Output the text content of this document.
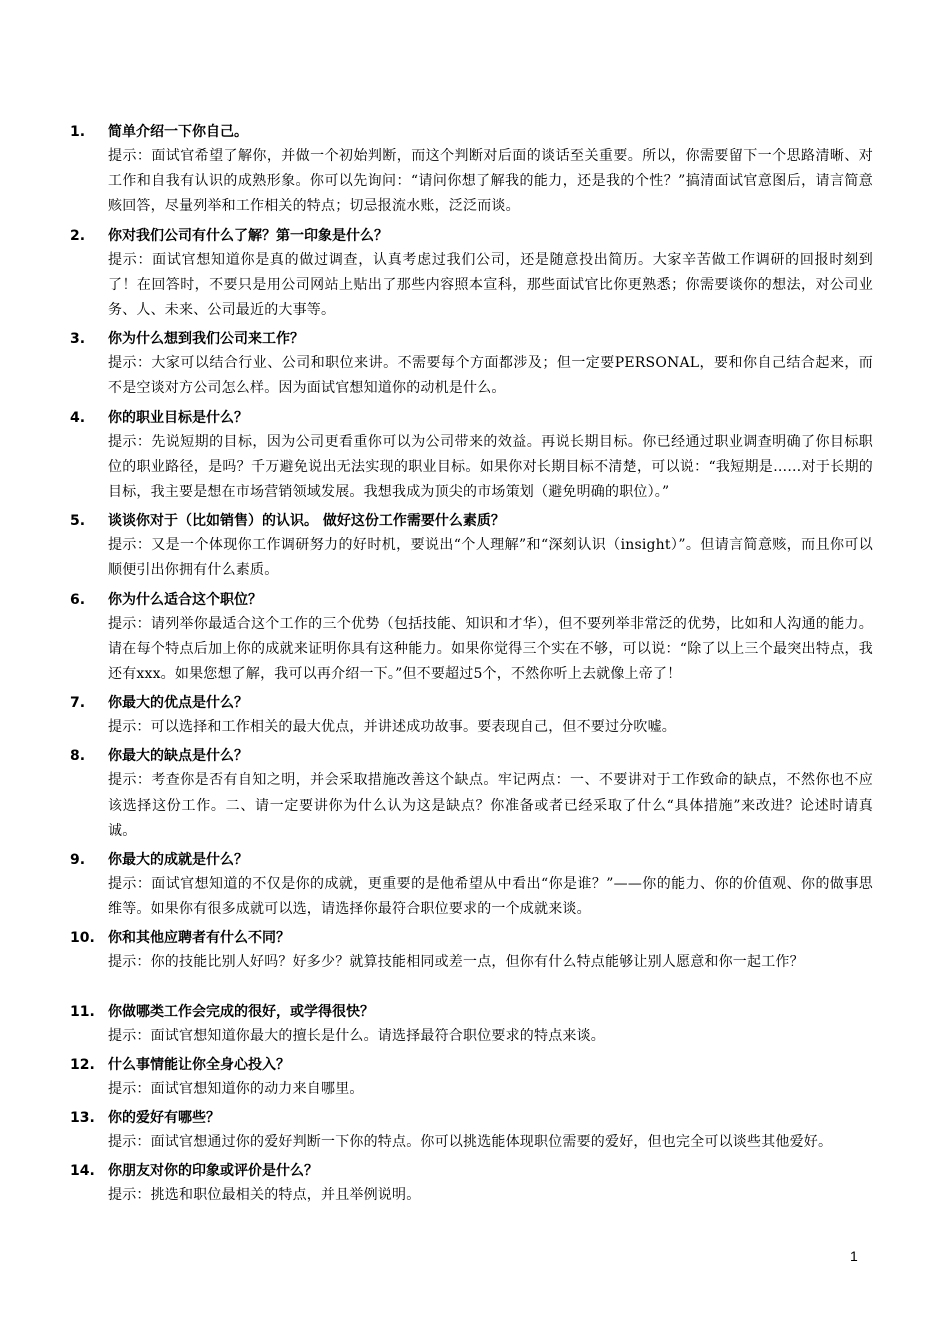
1. 简单介绍一下你自己。
提示：面试官希望了解你，并做一个初始判断，而这个判断对后面的谈话至关重要。所以，你需要留下一个思路清晰、对工作和自我有认识的成熟形象。你可以先询问：“请问你想了解我的能力，还是我的个性？”搞清面试官意图后，请言简意赅回答，尽量列举和工作相关的特点；切忌报流水账，泛泛而谈。
2. 你对我们公司有什么了解？第一印象是什么？
提示：面试官想知道你是真的做过调查，认真考虑过我们公司，还是随意投出简历。大家辛苦做工作调研的回报时刻到了！在回答时，不要只是用公司网站上贴出了那些内容照本宣科，那些面试官比你更熟悉；你需要谈你的想法，对公司业务、人、未来、公司最近的大事等。
3. 你为什么想到我们公司来工作？
提示：大家可以结合行业、公司和职位来讲。不需要每个方面都涉及；但一定要PERSONAL，要和你自己结合起来，而不是空谈对方公司怎么样。因为面试官想知道你的动机是什么。
4. 你的职业目标是什么？
提示：先说短期的目标，因为公司更看重你可以为公司带来的效益。再说长期目标。你已经通过职业调查明确了你目标职位的职业路径，是吗？千万避免说出无法实现的职业目标。如果你对长期目标不清楚，可以说：“我短期是……对于长期的目标，我主要是想在市场营销领域发展。我想我成为顶尖的市场策划（避免明确的职位）。”
5. 谈谈你对于（比如销售）的认识。 做好这份工作需要什么素质？
提示：又是一个体现你工作调研努力的好时机，要说出“个人理解”和“深刻认识（insight）”。但请言简意赅，而且你可以顺便引出你拥有什么素质。
6. 你为什么适合这个职位？
提示：请列举你最适合这个工作的三个优势（包括技能、知识和才华），但不要列举非常泛的优势，比如和人沟通的能力。请在每个特点后加上你的成就来证明你具有这种能力。如果你觉得三个实在不够，可以说：“除了以上三个最突出特点，我还有xxx。如果您想了解，我可以再介绍一下。”但不要超过5个，不然你听上去就像上帝了！
7. 你最大的优点是什么？
提示：可以选择和工作相关的最大优点，并讲述成功故事。要表现自己，但不要过分吹嘘。
8. 你最大的缺点是什么？
提示：考查你是否有自知之明，并会采取措施改善这个缺点。牢记两点：一、不要讲对于工作致命的缺点，不然你也不应该选择这份工作。二、请一定要讲你为什么认为这是缺点？你准备或者已经采取了什么“具体措施”来改进？论述时请真诚。
9. 你最大的成就是什么？
提示：面试官想知道的不仅是你的成就，更重要的是他希望从中看出“你是谁？”——你的能力、你的价值观、你的做事思维等。如果你有很多成就可以选，请选择你最符合职位要求的一个成就来谈。
10. 你和其他应聘者有什么不同？
提示：你的技能比别人好吗？好多少？就算技能相同或差一点，但你有什么特点能够让别人愿意和你一起工作？
11. 你做哪类工作会完成的很好，或学得很快？
提示：面试官想知道你最大的擅长是什么。请选择最符合职位要求的特点来谈。
12. 什么事情能让你全身心投入？
提示：面试官想知道你的动力来自哪里。
13. 你的爱好有哪些？
提示：面试官想通过你的爱好判断一下你的特点。你可以挑选能体现职位需要的爱好，但也完全可以谈些其他爱好。
14. 你朋友对你的印象或评价是什么？
提示：挑选和职位最相关的特点，并且举例说明。
1
